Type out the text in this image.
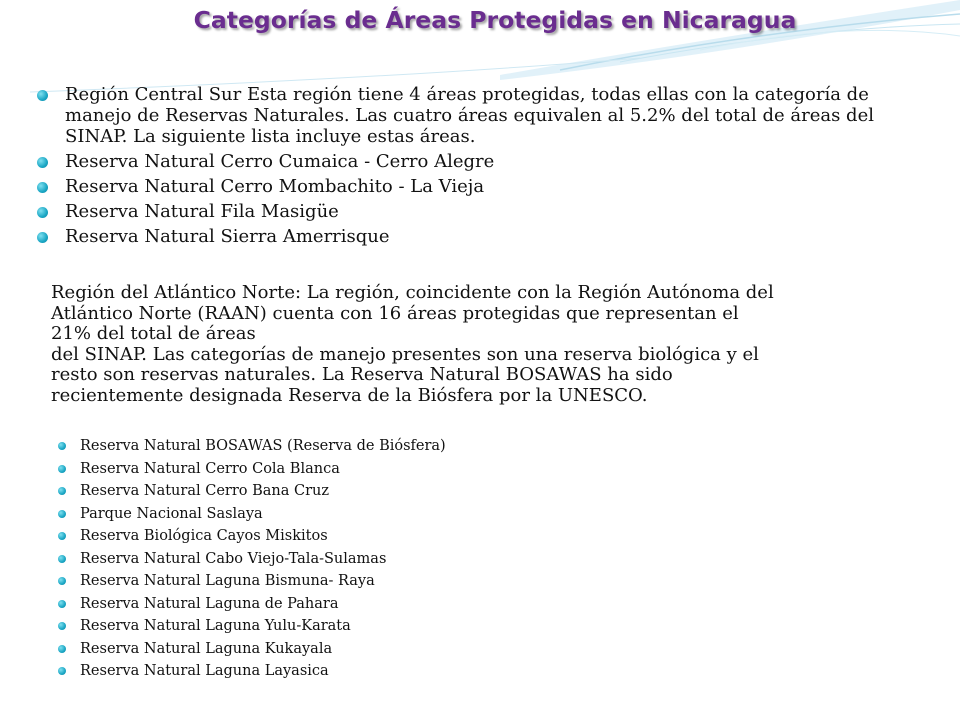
Categorías de Áreas Protegidas en Nicaragua
Región Central Sur Esta región tiene 4 áreas protegidas, todas ellas con la categoría de manejo de Reservas Naturales. Las cuatro áreas equivalen al 5.2% del total de áreas del SINAP. La siguiente lista incluye estas áreas.
Reserva Natural Cerro Cumaica - Cerro Alegre
Reserva Natural Cerro Mombachito - La Vieja
Reserva Natural Fila Masigüe
Reserva Natural Sierra Amerrisque

Región del Atlántico Norte: La región, coincidente con la Región Autónoma del
Atlántico Norte (RAAN) cuenta con 16 áreas protegidas que representan el
21% del total de áreas
del SINAP. Las categorías de manejo presentes son una reserva biológica y el
resto son reservas naturales. La Reserva Natural BOSAWAS ha sido
recientemente designada Reserva de la Biósfera por la UNESCO.

Reserva Natural BOSAWAS (Reserva de Biósfera)
Reserva Natural Cerro Cola Blanca
Reserva Natural Cerro Bana Cruz
Parque Nacional Saslaya
Reserva Biológica Cayos Miskitos
Reserva Natural Cabo Viejo-Tala-Sulamas
Reserva Natural Laguna Bismuna- Raya
Reserva Natural Laguna de Pahara
Reserva Natural Laguna Yulu-Karata
Reserva Natural Laguna Kukayala
Reserva Natural Laguna Layasica
